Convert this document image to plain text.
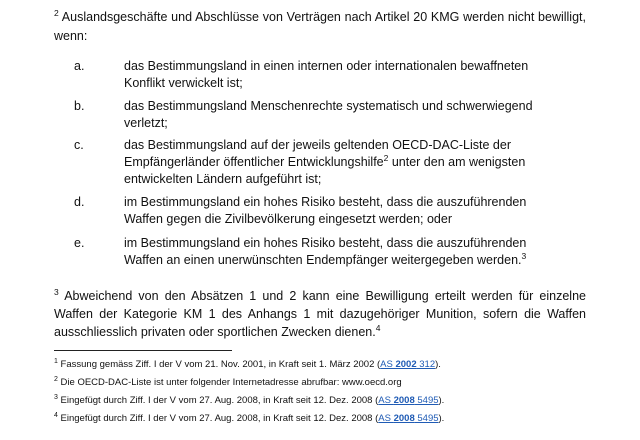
$^2$ Auslandsgeschäfte und Abschlüsse von Verträgen nach Artikel 20 KMG werden nicht bewilligt, wenn:
a.	das Bestimmungsland in einen internen oder internationalen bewaffneten Konflikt verwickelt ist;
b.	das Bestimmungsland Menschenrechte systematisch und schwerwiegend verletzt;
c.	das Bestimmungsland auf der jeweils geltenden OECD-DAC-Liste der Empfängerländer öffentlicher Entwicklungshilfe$^2$ unter den am wenigsten entwickelten Ländern aufgeführt ist;
d.	im Bestimmungsland ein hohes Risiko besteht, dass die auszuführenden Waffen gegen die Zivilbevölkerung eingesetzt werden; oder
e.	im Bestimmungsland ein hohes Risiko besteht, dass die auszuführenden Waffen an einen unerwünschten Endempfänger weitergegeben werden.$^3$
$^3$ Abweichend von den Absätzen 1 und 2 kann eine Bewilligung erteilt werden für einzelne Waffen der Kategorie KM 1 des Anhangs 1 mit dazugehöriger Munition, sofern die Waffen ausschliesslich privaten oder sportlichen Zwecken dienen.$^4$
$^1$ Fassung gemäss Ziff. I der V vom 21. Nov. 2001, in Kraft seit 1. März 2002 (AS 2002 312).
$^2$ Die OECD-DAC-Liste ist unter folgender Internetadresse abrufbar: www.oecd.org
$^3$ Eingefügt durch Ziff. I der V vom 27. Aug. 2008, in Kraft seit 12. Dez. 2008 (AS 2008 5495).
$^4$ Eingefügt durch Ziff. I der V vom 27. Aug. 2008, in Kraft seit 12. Dez. 2008 (AS 2008 5495).
